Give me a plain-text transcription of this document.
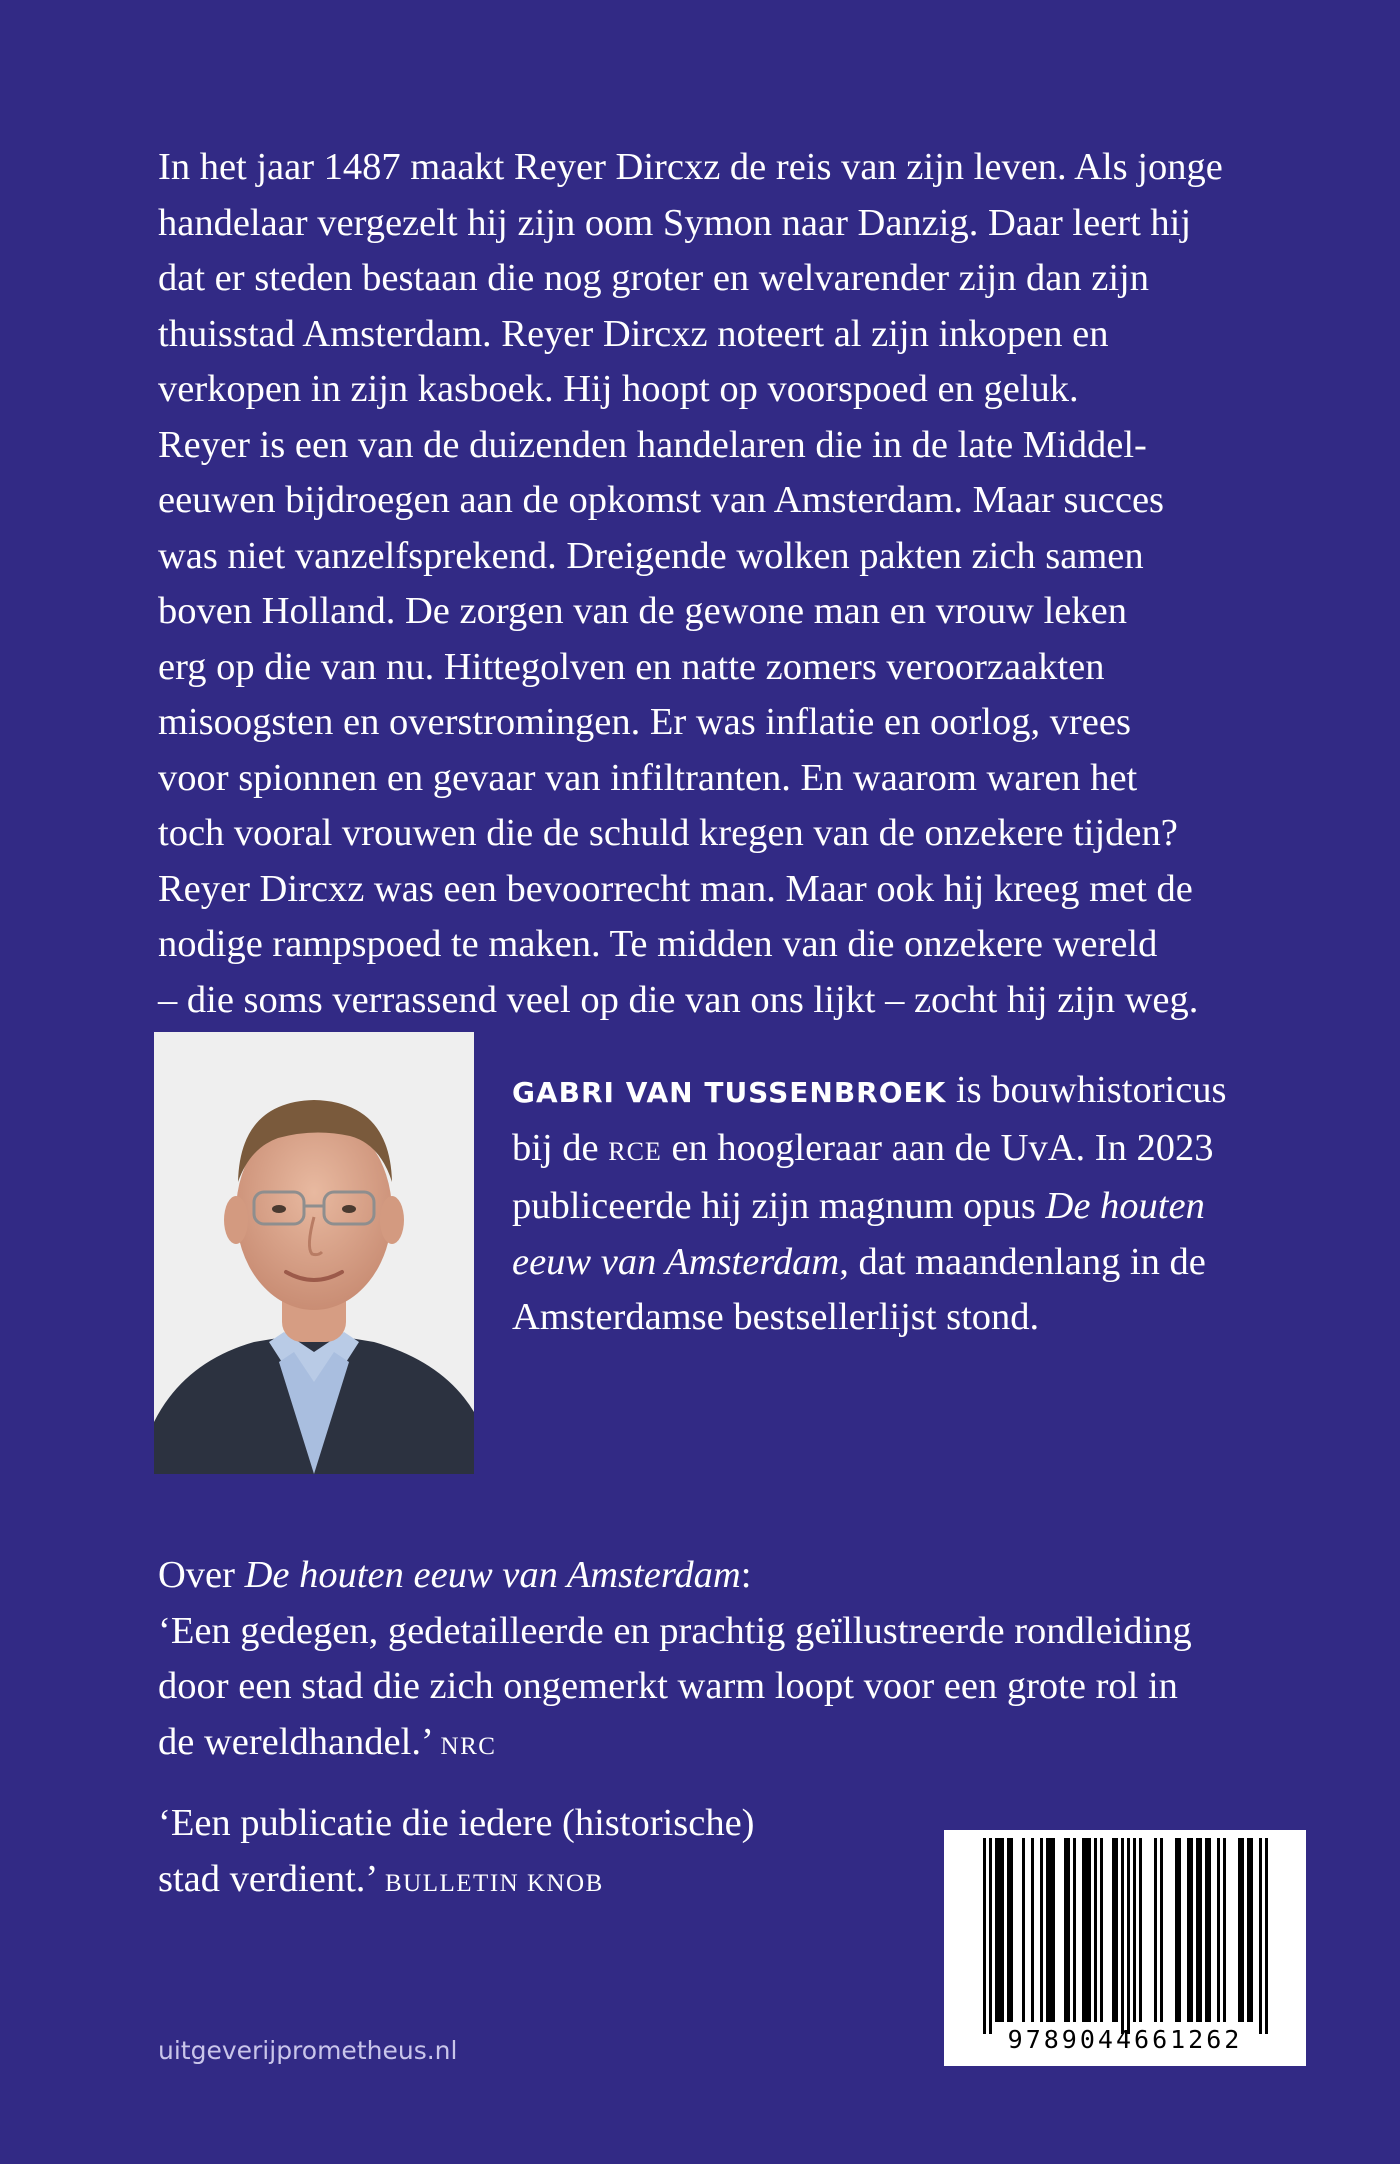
In het jaar 1487 maakt Reyer Dircxz de reis van zijn leven. Als jonge
handelaar vergezelt hij zijn oom Symon naar Danzig. Daar leert hij
dat er steden bestaan die nog groter en welvarender zijn dan zijn
thuisstad Amsterdam. Reyer Dircxz noteert al zijn inkopen en
verkopen in zijn kasboek. Hij hoopt op voorspoed en geluk.
Reyer is een van de duizenden handelaren die in de late Middel-
eeuwen bijdroegen aan de opkomst van Amsterdam. Maar succes
was niet vanzelfsprekend. Dreigende wolken pakten zich samen
boven Holland. De zorgen van de gewone man en vrouw leken
erg op die van nu. Hittegolven en natte zomers veroorzaakten
misoogsten en overstromingen. Er was inflatie en oorlog, vrees
voor spionnen en gevaar van infiltranten. En waarom waren het
toch vooral vrouwen die de schuld kregen van de onzekere tijden?
Reyer Dircxz was een bevoorrecht man. Maar ook hij kreeg met de
nodige rampspoed te maken. Te midden van die onzekere wereld
– die soms verrassend veel op die van ons lijkt – zocht hij zijn weg.
GABRI VAN TUSSENBROEK is bouwhistoricus
bij de RCE en hoogleraar aan de UvA. In 2023
publiceerde hij zijn magnum opus De houten
eeuw van Amsterdam, dat maandenlang in de
Amsterdamse bestsellerlijst stond.
Over De houten eeuw van Amsterdam:
‘Een gedegen, gedetailleerde en prachtig geïllustreerde rondleiding
door een stad die zich ongemerkt warm loopt voor een grote rol in
de wereldhandel.’ NRC
‘Een publicatie die iedere (historische)
stad verdient.’ BULLETIN KNOB
uitgeverijprometheus.nl	9789044661262
